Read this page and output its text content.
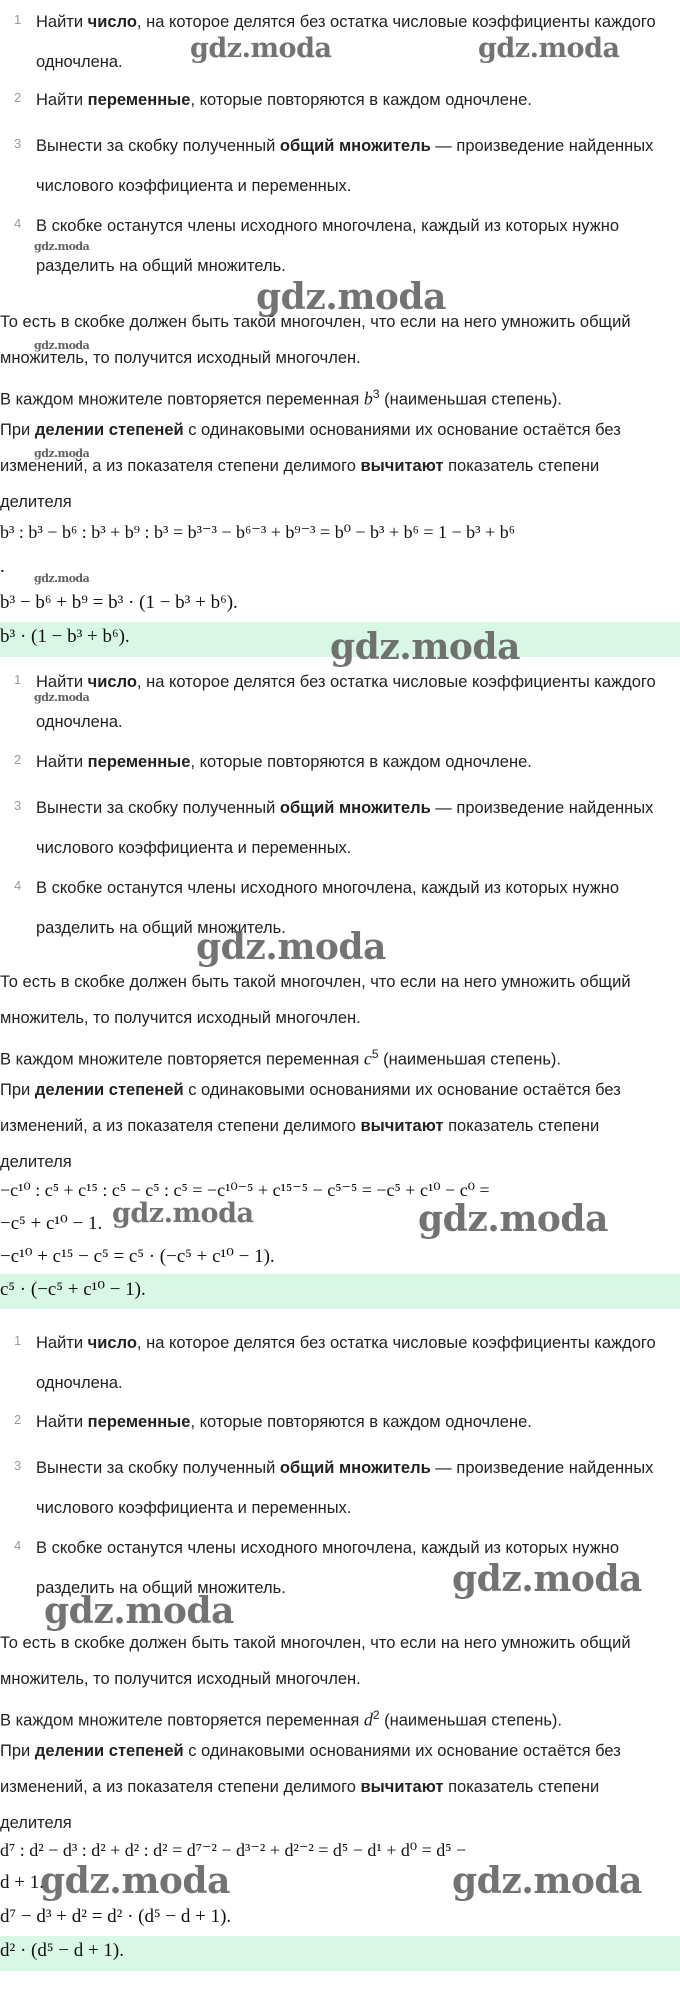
1 Найти число, на которое делятся без остатка числовые коэффициенты каждого одночлена.
2 Найти переменные, которые повторяются в каждом одночлене.
3 Вынести за скобку полученный общий множитель — произведение найденных числового коэффициента и переменных.
4 В скобке останутся члены исходного многочлена, каждый из которых нужно разделить на общий множитель.
То есть в скобке должен быть такой многочлен, что если на него умножить общий множитель, то получится исходный многочлен.
В каждом множителе повторяется переменная $b^3$ (наименьшая степень).
При делении степеней с одинаковыми основаниями их основание остаётся без изменений, а из показателя степени делимого вычитают показатель степени делителя
b³ : b³ − b⁶ : b³ + b⁹ : b³ = b³⁻³ − b⁶⁻³ + b⁹⁻³ = b⁰ − b³ + b⁶ = 1 − b³ + b⁶
.
b³ − b⁶ + b⁹ = b³ · (1 − b³ + b⁶).
b³ · (1 − b³ + b⁶).
1 Найти число, на которое делятся без остатка числовые коэффициенты каждого одночлена.
2 Найти переменные, которые повторяются в каждом одночлене.
3 Вынести за скобку полученный общий множитель — произведение найденных числового коэффициента и переменных.
4 В скобке останутся члены исходного многочлена, каждый из которых нужно разделить на общий множитель.
То есть в скобке должен быть такой многочлен, что если на него умножить общий множитель, то получится исходный многочлен.
В каждом множителе повторяется переменная $c^5$ (наименьшая степень).
При делении степеней с одинаковыми основаниями их основание остаётся без изменений, а из показателя степени делимого вычитают показатель степени делителя
−c¹⁰ : c⁵ + c¹⁵ : c⁵ − c⁵ : c⁵ = −c¹⁰⁻⁵ + c¹⁵⁻⁵ − c⁵⁻⁵ = −c⁵ + c¹⁰ − c⁰ =
−c⁵ + c¹⁰ − 1.
−c¹⁰ + c¹⁵ − c⁵ = c⁵ · (−c⁵ + c¹⁰ − 1).
c⁵ · (−c⁵ + c¹⁰ − 1).
1 Найти число, на которое делятся без остатка числовые коэффициенты каждого одночлена.
2 Найти переменные, которые повторяются в каждом одночлене.
3 Вынести за скобку полученный общий множитель — произведение найденных числового коэффициента и переменных.
4 В скобке останутся члены исходного многочлена, каждый из которых нужно разделить на общий множитель.
То есть в скобке должен быть такой многочлен, что если на него умножить общий множитель, то получится исходный многочлен.
В каждом множителе повторяется переменная $d^2$ (наименьшая степень).
При делении степеней с одинаковыми основаниями их основание остаётся без изменений, а из показателя степени делимого вычитают показатель степени делителя
d⁷ : d² − d³ : d² + d² : d² = d⁷⁻² − d³⁻² + d²⁻² = d⁵ − d¹ + d⁰ = d⁵ −
d + 1.
d⁷ − d³ + d² = d² · (d⁵ − d + 1).
d² · (d⁵ − d + 1).
gdz.moda	gdz.moda
gdz.moda
gdz.moda
gdz.moda
gdz.moda
gdz.moda
gdz.moda
gdz.moda
gdz.moda
gdz.moda	gdz.moda
gdz.moda
gdz.moda
gdz.moda	gdz.moda
